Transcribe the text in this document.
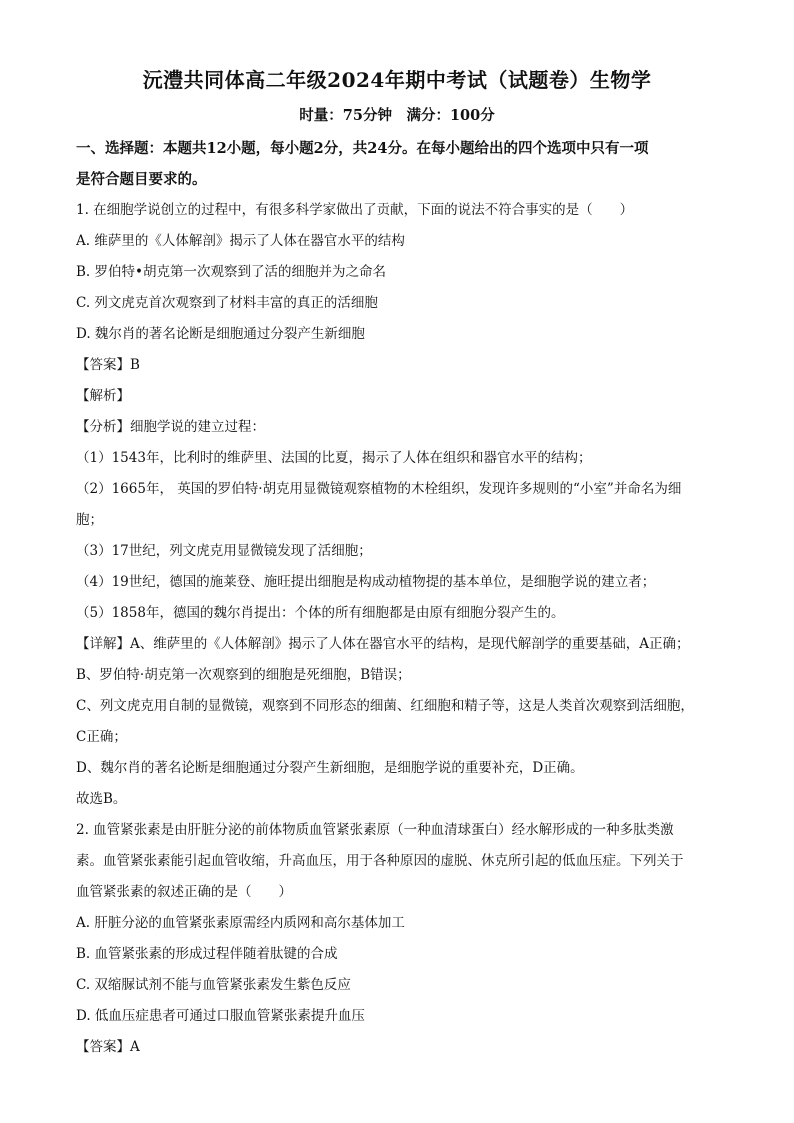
沅澧共同体高二年级2024年期中考试（试题卷）生物学
时量：75分钟　满分：100分
一、选择题：本题共12小题，每小题2分，共24分。在每小题给出的四个选项中只有一项
是符合题目要求的。
1. 在细胞学说创立的过程中，有很多科学家做出了贡献，下面的说法不符合事实的是（　　）
A. 维萨里的《人体解剖》揭示了人体在器官水平的结构
B. 罗伯特•胡克第一次观察到了活的细胞并为之命名
C. 列文虎克首次观察到了材料丰富的真正的活细胞
D. 魏尔肖的著名论断是细胞通过分裂产生新细胞
【答案】B
【解析】
【分析】细胞学说的建立过程：
（1）1543年，比利时的维萨里、法国的比夏，揭示了人体在组织和器官水平的结构；
（2）1665年， 英国的罗伯特·胡克用显微镜观察植物的木栓组织，发现许多规则的“小室”并命名为细
胞；
（3）17世纪，列文虎克用显微镜发现了活细胞；
（4）19世纪，德国的施莱登、施旺提出细胞是构成动植物提的基本单位，是细胞学说的建立者；
（5）1858年，德国的魏尔肖提出：个体的所有细胞都是由原有细胞分裂产生的。
【详解】A、维萨里的《人体解剖》揭示了人体在器官水平的结构，是现代解剖学的重要基础，A正确；
B、罗伯特·胡克第一次观察到的细胞是死细胞，B错误；
C、列文虎克用自制的显微镜，观察到不同形态的细菌、红细胞和精子等，这是人类首次观察到活细胞，
C正确；
D、魏尔肖的著名论断是细胞通过分裂产生新细胞，是细胞学说的重要补充，D正确。
故选B。
2. 血管紧张素是由肝脏分泌的前体物质血管紧张素原（一种血清球蛋白）经水解形成的一种多肽类激
素。血管紧张素能引起血管收缩，升高血压，用于各种原因的虚脱、休克所引起的低血压症。下列关于
血管紧张素的叙述正确的是（　　）
A. 肝脏分泌的血管紧张素原需经内质网和高尔基体加工
B. 血管紧张素的形成过程伴随着肽键的合成
C. 双缩脲试剂不能与血管紧张素发生紫色反应
D. 低血压症患者可通过口服血管紧张素提升血压
【答案】A
